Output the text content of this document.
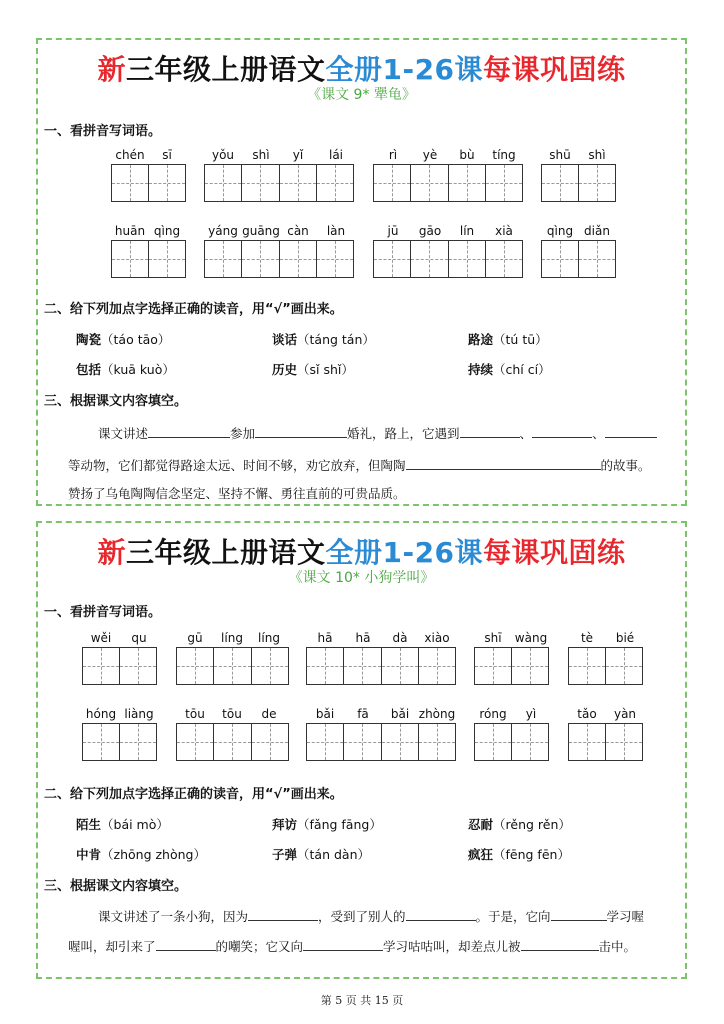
新三年级上册语文全册1-26课每课巩固练
《课文 9* 犟龟》
一、看拼音写词语。
chén	sī	yǒu	shì	yǐ	lái	rì	yè	bù	tíng	shū	shì
huān qìng	yáng guāng càn	làn	jū	gāo	lín	xià	qìng diǎn
二、给下列加点字选择正确的读音，用“√”画出来。
陶瓷（táo tāo）	谈话（táng tán）	路途（tú tū）
包括（kuā kuò）	历史（sǐ shǐ）	持续（chí cí）
三、根据课文内容填空。
课文讲述	参加	婚礼，路上，它遇到	、	、
等动物，它们都觉得路途太远、时间不够，劝它放弃，但陶陶	的故事。
赞扬了乌龟陶陶信念坚定、坚持不懈、勇往直前的可贵品质。
新三年级上册语文全册1-26课每课巩固练
《课文 10* 小狗学叫》
一、看拼音写词语。
wěi	qu	gū	líng	líng	hā	hā	dà	xiào	shī	wàng	tè	bié
hóng liàng	tōu	tōu	de	bǎi	fā	bǎi zhòng	róng	yì	tǎo	yàn
二、给下列加点字选择正确的读音，用“√”画出来。
陌生（bái mò）	拜访（fǎng fāng）	忍耐（rěng rěn）
中肯（zhōng zhòng）	子弹（tán dàn）	疯狂（fēng fēn）
三、根据课文内容填空。
课文讲述了一条小狗，因为	，受到了别人的	。于是，它向	学习喔
喔叫，却引来了	的嘲笑；它又向	学习咕咕叫，却差点儿被	击中。
第 5 页 共 15 页
